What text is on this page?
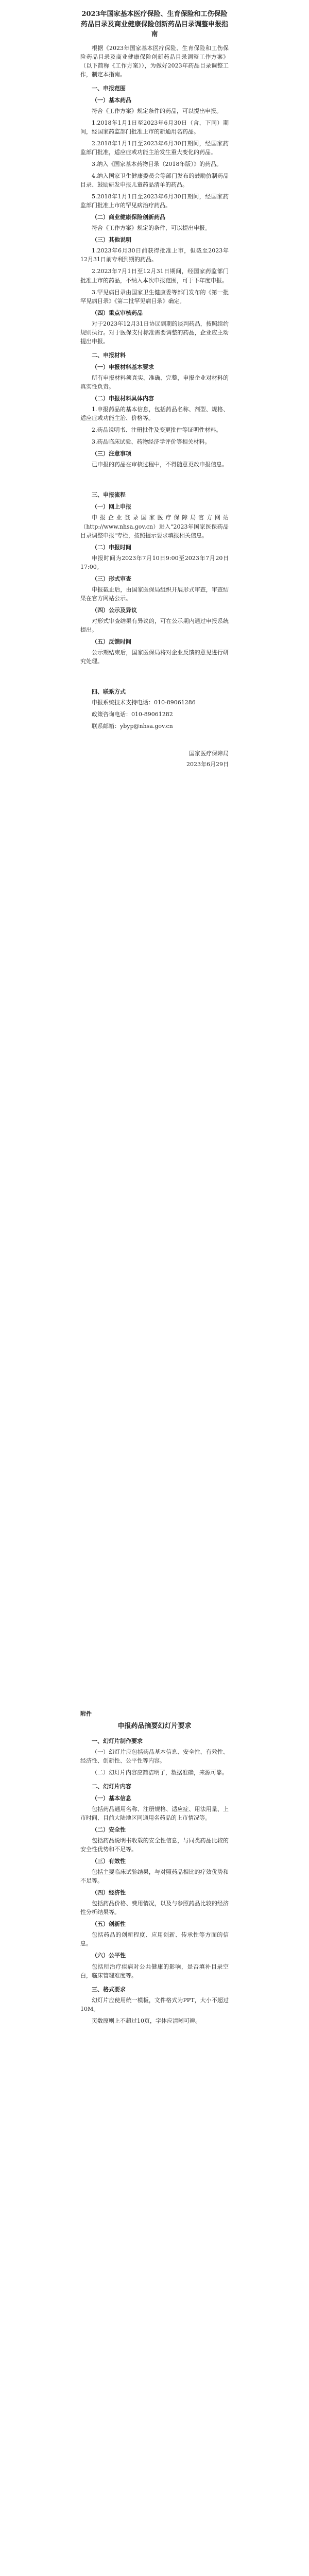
2023年国家基本医疗保险、生育保险和工伤保险药品目录及商业健康保险创新药品目录调整申报指南

根据《2023年国家基本医疗保险、生育保险和工伤保险药品目录及商业健康保险创新药品目录调整工作方案》（以下简称《工作方案》），为做好2023年药品目录调整工作，制定本指南。

一、申报范围
（一）基本药品

符合《工作方案》规定条件的药品，可以提出申报。

1.2018年1月1日至2023年6月30日（含，下同）期间，经国家药监部门批准上市的新通用名药品。

2.2018年1月1日至2023年6月30日期间，经国家药监部门批准，适应症或功能主治发生重大变化的药品。

3.纳入《国家基本药物目录（2018年版）》的药品。

4.纳入国家卫生健康委员会等部门发布的鼓励仿制药品目录、鼓励研发申报儿童药品清单的药品。

5.2018年1月1日至2023年6月30日期间，经国家药监部门批准上市的罕见病治疗药品。

（二）商业健康保险创新药品

符合《工作方案》规定的条件，可以提出申报。

（三）其他说明

1.2023年6月30日前获得批准上市，但截至2023年12月31日前专利到期的药品。

2.2023年7月1日至12月31日期间，经国家药监部门批准上市的药品，不纳入本次申报范围，可于下年度申报。

3.罕见病目录由国家卫生健康委等部门发布的《第一批罕见病目录》《第二批罕见病目录》确定。

（四）重点审核药品

对于2023年12月31日协议到期的谈判药品，按照续约规则执行。对于医保支付标准需要调整的药品，企业应主动提出申报。

二、申报材料
（一）申报材料基本要求

所有申报材料须真实、准确、完整，申报企业对材料的真实性负责。

（二）申报材料具体内容

1.申报药品的基本信息，包括药品名称、剂型、规格、适应症或功能主治、价格等。

2.药品说明书、注册批件及变更批件等证明性材料。

3.药品临床试验、药物经济学评价等相关材料。

（三）注意事项

已申报的药品在审核过程中，不得随意更改申报信息。

三、申报流程
（一）网上申报

申报企业登录国家医疗保障局官方网站（http://www.nhsa.gov.cn）进入"2023年国家医保药品目录调整申报"专栏，按照提示要求填报相关信息。

（二）申报时间

申报时间为2023年7月10日9:00至2023年7月20日17:00。

（三）形式审查

申报截止后，由国家医保局组织开展形式审查，审查结果在官方网站公示。

（四）公示及异议

对形式审查结果有异议的，可在公示期内通过申报系统提出。

（五）反馈时间

公示期结束后，国家医保局将对企业反馈的意见进行研究处理。

四、联系方式

申报系统技术支持电话：010-89061286

政策咨询电话：010-89061282

联系邮箱：ybyp@nhsa.gov.cn

国家医疗保障局
2023年6月29日
附件
申报药品摘要幻灯片要求
一、幻灯片制作要求

（一）幻灯片应包括药品基本信息、安全性、有效性、经济性、创新性、公平性等内容。

（二）幻灯片内容应简洁明了，数据准确，来源可靠。

二、幻灯片内容
（一）基本信息

包括药品通用名称、注册规格、适应症、用法用量、上市时间、目前大陆地区同通用名药品的上市情况等。

（二）安全性

包括药品说明书收载的安全性信息，与同类药品比较的安全性优势和不足等。

（三）有效性

包括主要临床试验结果，与对照药品相比的疗效优势和不足等。

（四）经济性

包括药品价格、费用情况，以及与参照药品比较的经济性分析结果等。

（五）创新性

包括药品的创新程度、应用创新、传承性等方面的信息。

（六）公平性

包括所治疗疾病对公共健康的影响，是否填补目录空白，临床管理难度等。

三、格式要求

幻灯片应使用统一模板，文件格式为PPT，大小不超过10M。

页数原则上不超过10页，字体应清晰可辨。
